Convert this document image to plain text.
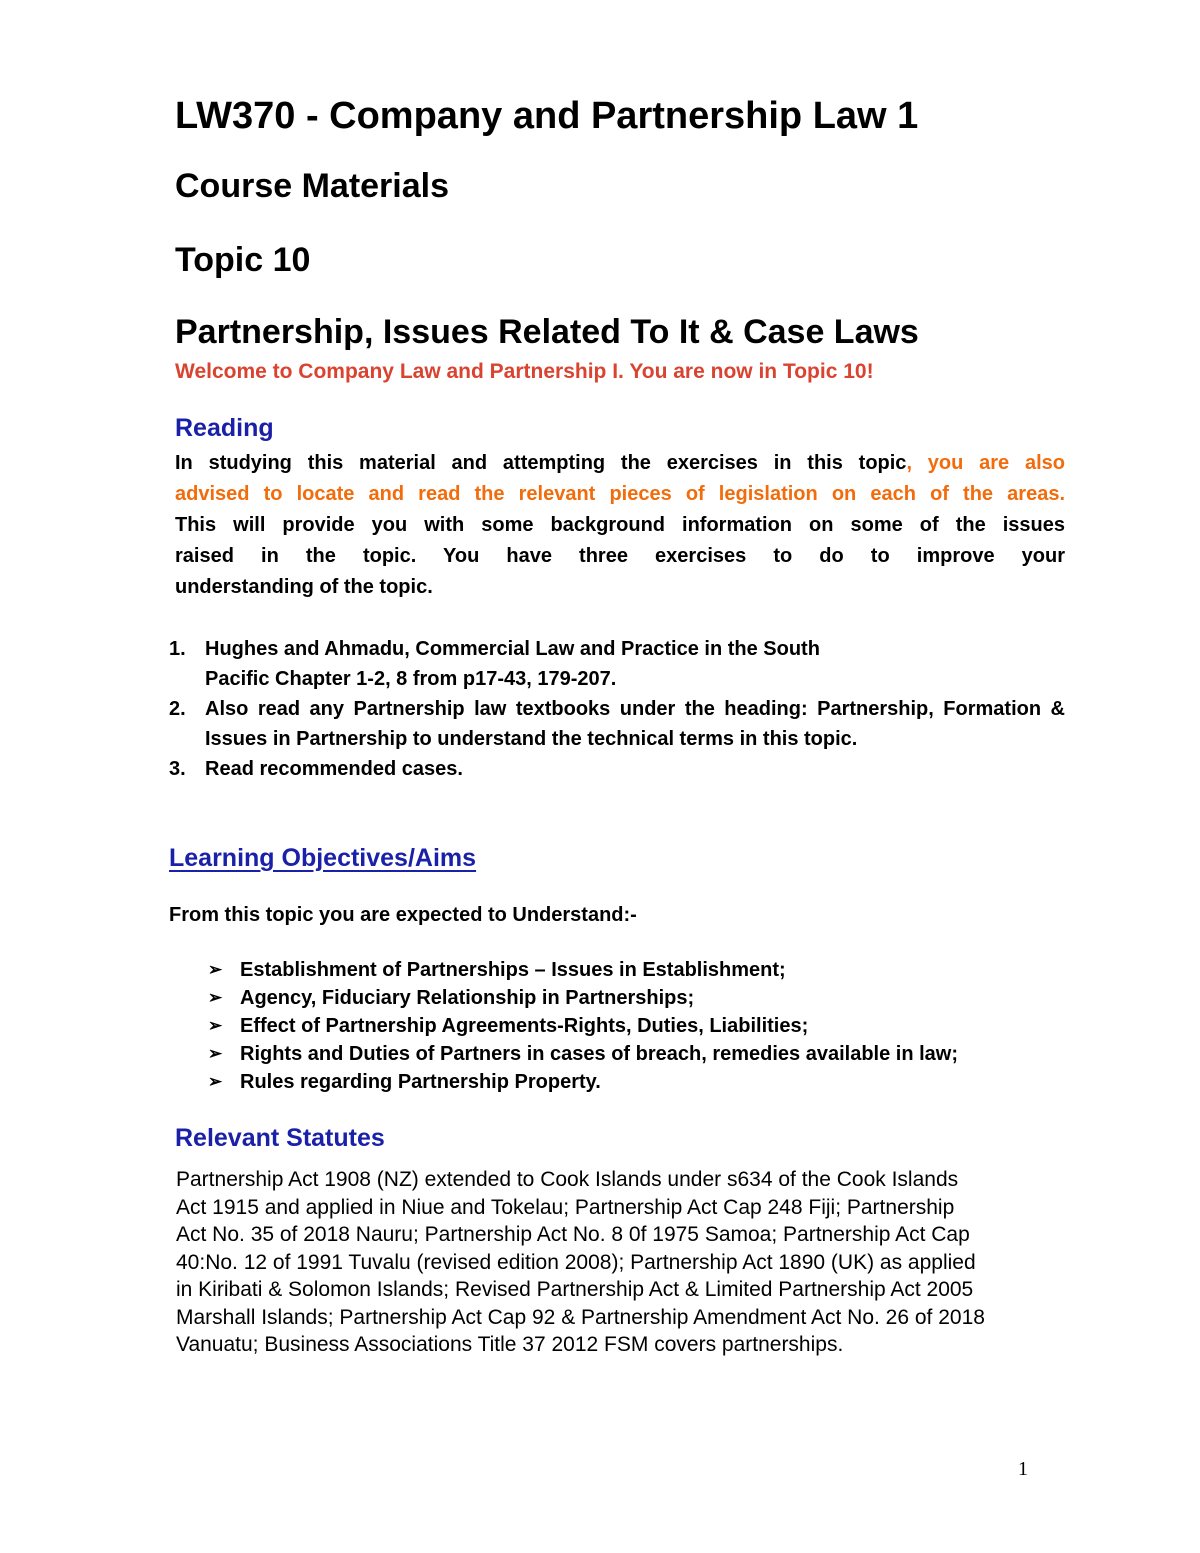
LW370 - Company and Partnership Law 1
Course Materials
Topic 10
Partnership, Issues Related To It & Case Laws
Welcome to Company Law and Partnership I. You are now in Topic 10!
Reading
In studying this material and attempting the exercises in this topic, you are also
advised to locate and read the relevant pieces of legislation on each of the areas.
This will provide you with some background information on some of the issues
raised in the topic. You have three exercises to do to improve your
understanding of the topic.
1. Hughes and Ahmadu, Commercial Law and Practice in the South
Pacific Chapter 1-2, 8 from p17-43, 179-207.
2. Also read any Partnership law textbooks under the heading: Partnership, Formation & Issues in Partnership to understand the technical terms in this topic.
3. Read recommended cases.
Learning Objectives/Aims
From this topic you are expected to Understand:-
➢ Establishment of Partnerships – Issues in Establishment;
➢ Agency, Fiduciary Relationship in Partnerships;
➢ Effect of Partnership Agreements-Rights, Duties, Liabilities;
➢ Rights and Duties of Partners in cases of breach, remedies available in law;
➢ Rules regarding Partnership Property.
Relevant Statutes
Partnership Act 1908 (NZ) extended to Cook Islands under s634 of the Cook Islands
Act 1915 and applied in Niue and Tokelau; Partnership Act Cap 248 Fiji; Partnership
Act No. 35 of 2018 Nauru; Partnership Act No. 8 0f 1975 Samoa; Partnership Act Cap
40:No. 12 of 1991 Tuvalu (revised edition 2008); Partnership Act 1890 (UK) as applied
in Kiribati & Solomon Islands; Revised Partnership Act & Limited Partnership Act 2005
Marshall Islands; Partnership Act Cap 92 & Partnership Amendment Act No. 26 of 2018
Vanuatu; Business Associations Title 37 2012 FSM covers partnerships.
1
